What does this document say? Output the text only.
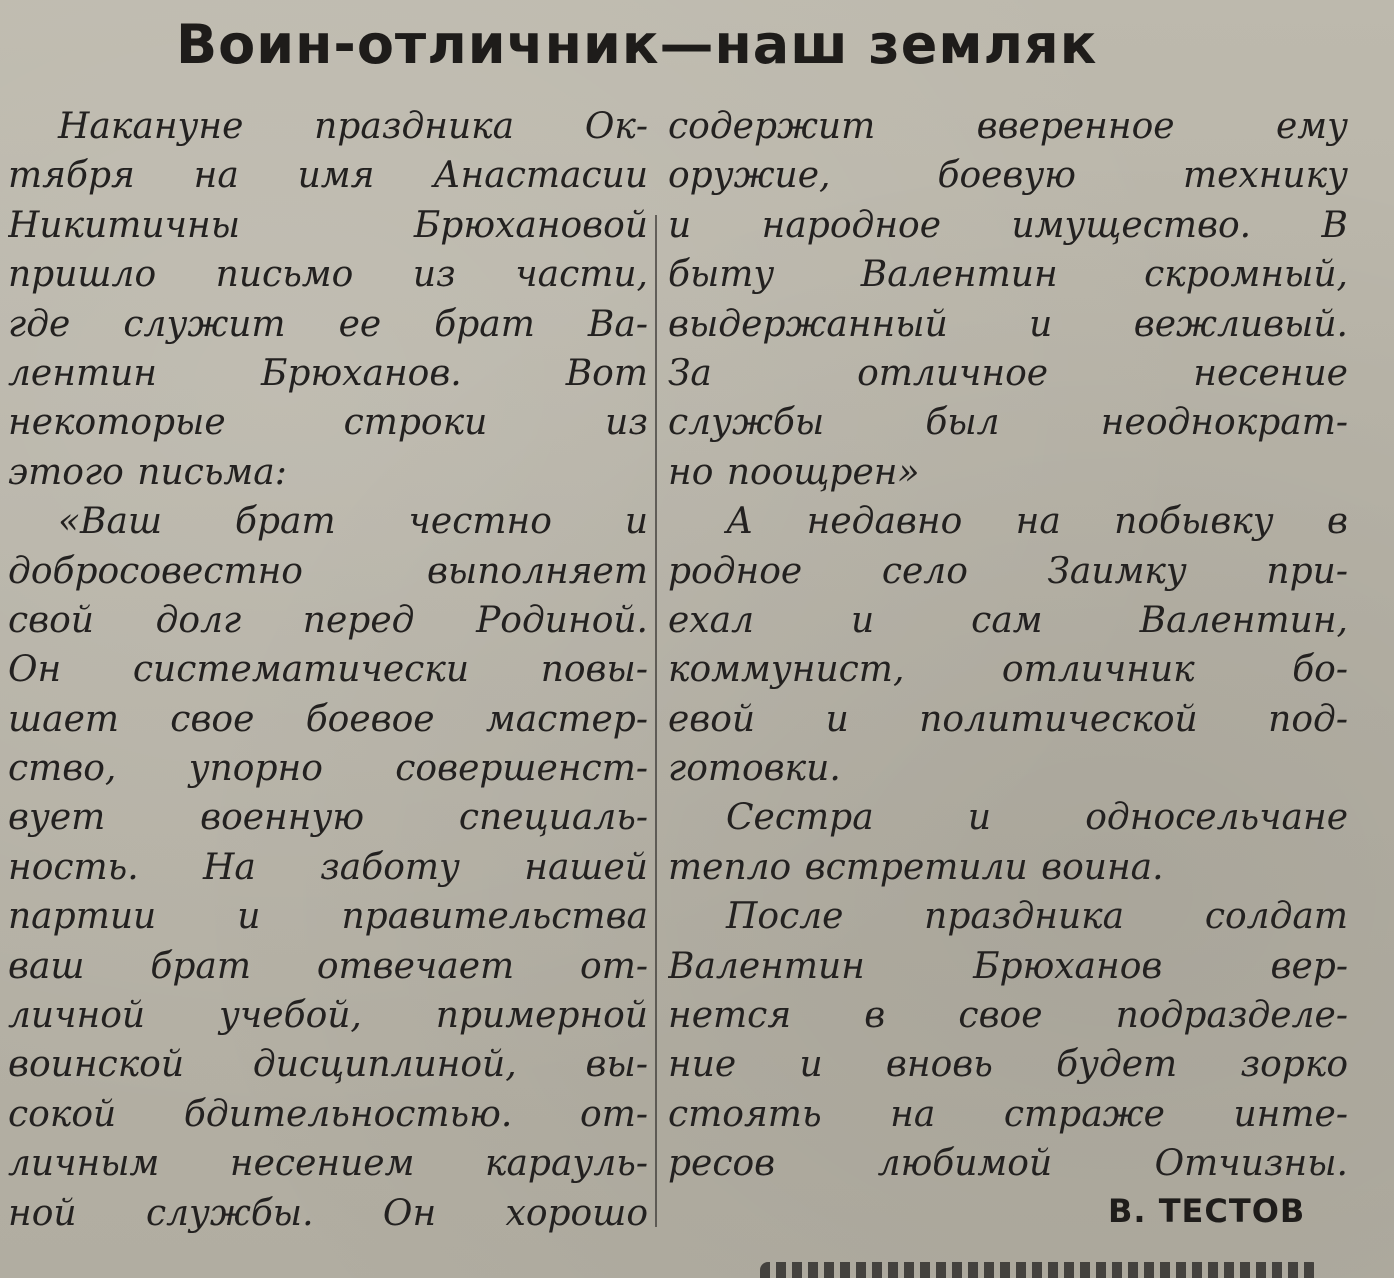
Воин-отличник—наш земляк
Накануне праздника Ок-
тября на имя Анастасии
Никитичны Брюхановой
пришло письмо из части,
где служит ее брат Ва-
лентин Брюханов. Вот
некоторые строки из
этого письма:
«Ваш брат честно и
добросовестно выполняет
свой долг перед Родиной.
Он систематически повы-
шает свое боевое мастер-
ство, упорно совершенст-
вует военную специаль-
ность. На заботу нашей
партии и правительства
ваш брат отвечает от-
личной учебой, примерной
воинской дисциплиной, вы-
сокой бдительностью. от-
личным несением карауль-
ной службы. Он хорошо
содержит вверенное ему
оружие, боевую технику
и народное имущество. В
быту Валентин скромный,
выдержанный и вежливый.
За отличное несение
службы был неоднократ-
но поощрен»
А недавно на побывку в
родное село Заимку при-
ехал и сам Валентин,
коммунист, отличник бо-
евой и политической под-
готовки.
Сестра и односельчане
тепло встретили воина.
После праздника солдат
Валентин Брюханов вер-
нется в свое подразделе-
ние и вновь будет зорко
стоять на страже инте-
ресов любимой Отчизны.
В. ТЕСТОВ
